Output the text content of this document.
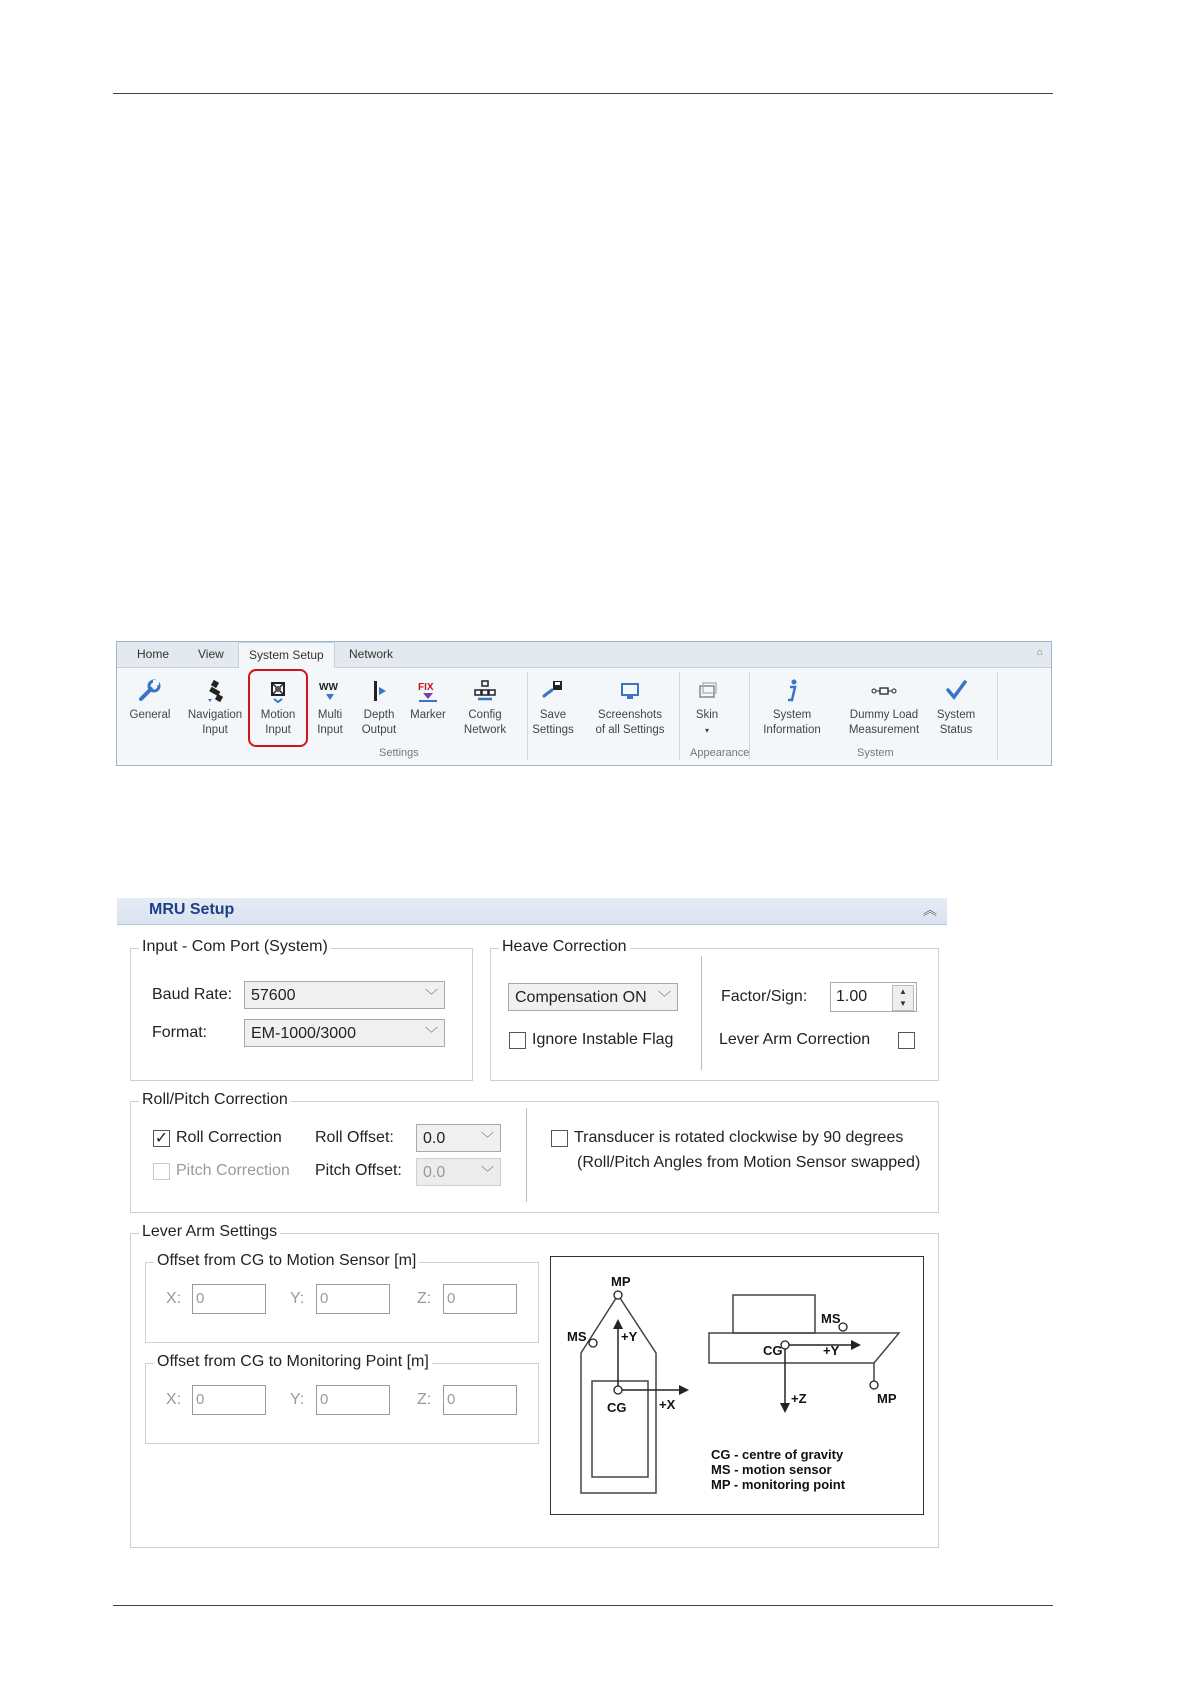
Home View	System Setup	Network	⌂
General	Navigation
Input
Motion
Input
WW
Multi
Input
Depth
Output
FIX
Marker	Config
Network
Save
Settings
Screenshots
of all Settings
Skin
▾
System
Information
Dummy Load
Measurement
System
Status
Settings	Appearance	System
MRU Setup	︽
Input - Com Port (System)
Baud Rate:	57600	﹀
Format:	EM-1000/3000	﹀
Heave Correction
Compensation ON ﹀
Ignore Instable Flag
Factor/Sign:	1.00	▲
▼
Lever Arm Correction
Roll/Pitch Correction
✓ Roll Correction
Pitch Correction
Roll Offset:	0.0	﹀
Pitch Offset:	0.0	﹀
Transducer is rotated clockwise by 90 degrees
(Roll/Pitch Angles from Motion Sensor swapped)
Lever Arm Settings
Offset from CG to Motion Sensor [m]
X: 0	Y: 0	Z: 0
Offset from CG to Monitoring Point [m]
X: 0	Y: 0	Z: 0
MP
MS	+Y
CG	+X
MS
CG	+Y
+Z	MP
CG - centre of gravity
MS - motion sensor
MP - monitoring point
